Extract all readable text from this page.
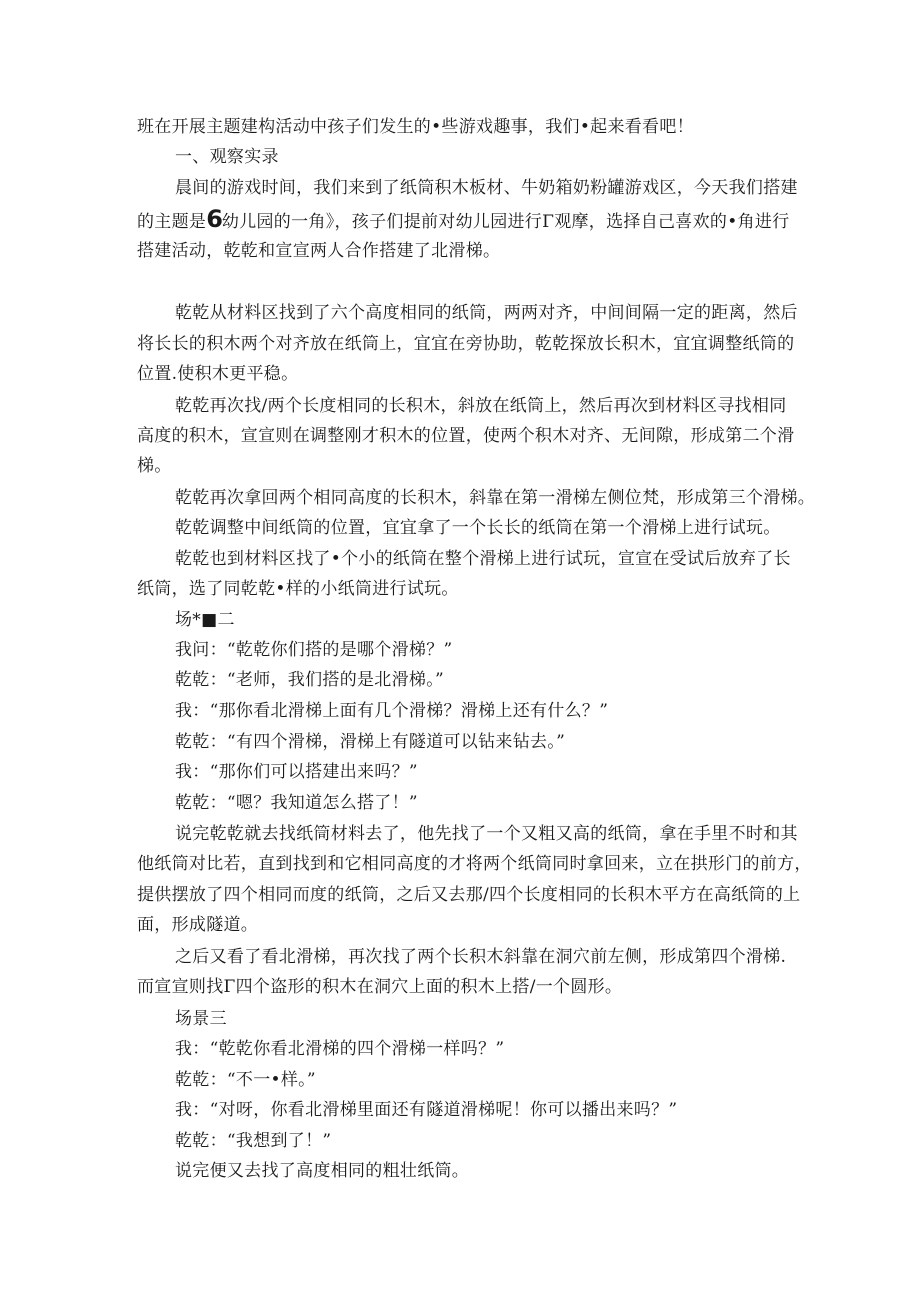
班在开展主题建构活动中孩子们发生的•些游戏趣事，我们•起来看看吧！
一、观察实录
晨间的游戏时间，我们来到了纸筒积木板材、牛奶箱奶粉罐游戏区，今天我们搭建
的主题是6幼儿园的一角》，孩子们提前对幼儿园进行Γ观摩，选择自己喜欢的•角进行
搭建活动，乾乾和宣宣两人合作搭建了北滑梯。
乾乾从材料区找到了六个高度相同的纸筒，两两对齐，中间间隔一定的距离，然后
将长长的积木两个对齐放在纸筒上，宜宜在旁协助，乾乾探放长积木，宜宜调整纸筒的
位置.使积木更平稳。
乾乾再次找/两个长度相同的长积木，斜放在纸筒上，然后再次到材料区寻找相同
高度的积木，宣宣则在调整刚才积木的位置，使两个积木对齐、无间隙，形成第二个滑
梯。
乾乾再次拿回两个相同高度的长积木，斜靠在第一滑梯左侧位梵，形成第三个滑梯。
乾乾调整中间纸筒的位置，宜宜拿了一个长长的纸筒在第一个滑梯上进行试玩。
乾乾也到材料区找了•个小的纸筒在整个滑梯上进行试玩，宣宣在受试后放弃了长
纸筒，选了同乾乾•样的小纸筒进行试玩。
场*■二
我问：“乾乾你们搭的是哪个滑梯？”
乾乾：“老师，我们搭的是北滑梯。”
我：“那你看北滑梯上面有几个滑梯？滑梯上还有什么？”
乾乾：“有四个滑梯，滑梯上有隧道可以钻来钻去。”
我：“那你们可以搭建出来吗？”
乾乾：“嗯？我知道怎么搭了！”
说完乾乾就去找纸筒材料去了，他先找了一个又粗又高的纸筒，拿在手里不时和其
他纸筒对比若，直到找到和它相同高度的才将两个纸筒同时拿回来，立在拱形门的前方，
提供摆放了四个相同而度的纸筒，之后又去那/四个长度相同的长积木平方在高纸筒的上
面，形成隧道。
之后又看了看北滑梯，再次找了两个长积木斜靠在洞穴前左侧，形成第四个滑梯.
而宣宣则找Γ四个盗形的积木在洞穴上面的积木上搭/一个圆形。
场景三
我：“乾乾你看北滑梯的四个滑梯一样吗？”
乾乾：“不一•样。”
我：“对呀，你看北滑梯里面还有隧道滑梯呢！你可以播出来吗？”
乾乾：“我想到了！”
说完便又去找了高度相同的粗壮纸筒。
